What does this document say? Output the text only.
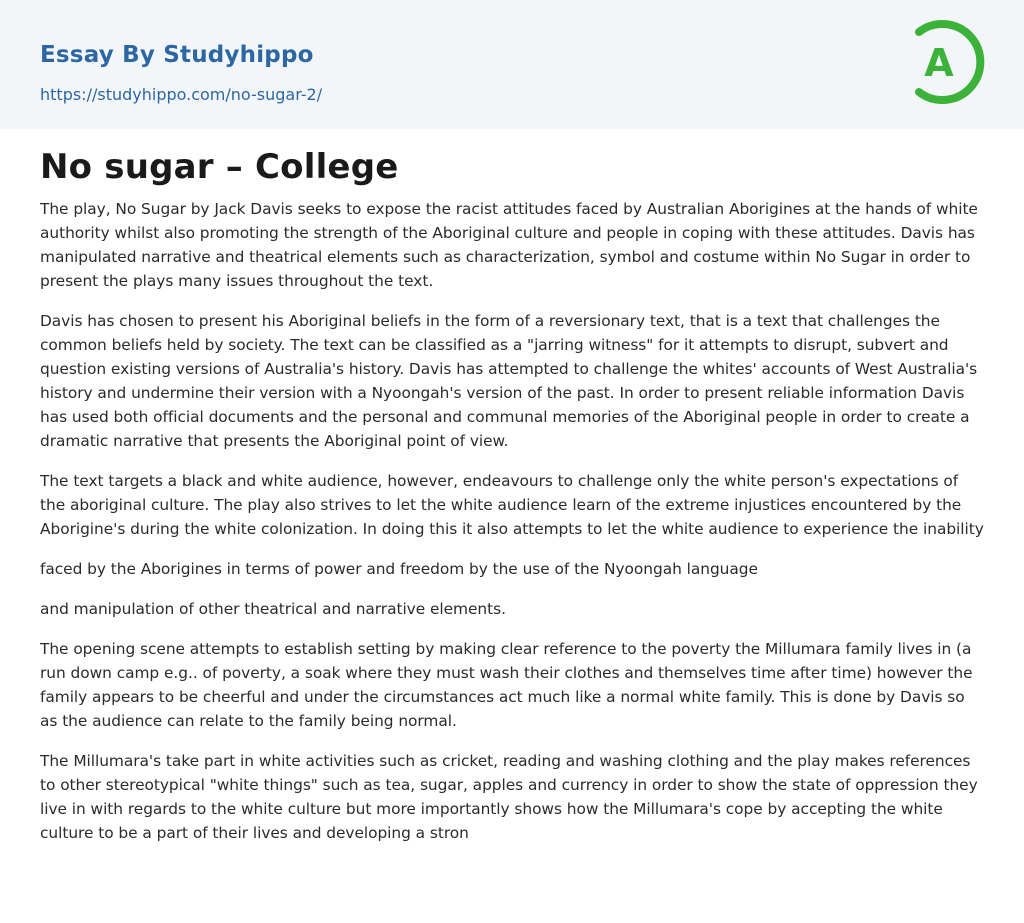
Essay By Studyhippo
https://studyhippo.com/no-sugar-2/
A
No sugar – College

The play, No Sugar by Jack Davis seeks to expose the racist attitudes faced by Australian Aborigines at the hands of white authority whilst also promoting the strength of the Aboriginal culture and people in coping with these attitudes. Davis has manipulated narrative and theatrical elements such as characterization, symbol and costume within No Sugar in order to present the plays many issues throughout the text.

Davis has chosen to present his Aboriginal beliefs in the form of a reversionary text, that is a text that challenges the common beliefs held by society. The text can be classified as a "jarring witness" for it attempts to disrupt, subvert and question existing versions of Australia's history. Davis has attempted to challenge the whites' accounts of West Australia's history and undermine their version with a Nyoongah's version of the past. In order to present reliable information Davis has used both official documents and the personal and communal memories of the Aboriginal people in order to create a dramatic narrative that presents the Aboriginal point of view.

The text targets a black and white audience, however, endeavours to challenge only the white person's expectations of the aboriginal culture. The play also strives to let the white audience learn of the extreme injustices encountered by the Aborigine's during the white colonization. In doing this it also attempts to let the white audience to experience the inability

faced by the Aborigines in terms of power and freedom by the use of the Nyoongah language

and manipulation of other theatrical and narrative elements.

The opening scene attempts to establish setting by making clear reference to the poverty the Millumara family lives in (a run down camp e.g.. of poverty, a soak where they must wash their clothes and themselves time after time) however the family appears to be cheerful and under the circumstances act much like a normal white family. This is done by Davis so as the audience can relate to the family being normal.

The Millumara's take part in white activities such as cricket, reading and washing clothing and the play makes references to other stereotypical "white things" such as tea, sugar, apples and currency in order to show the state of oppression they live in with regards to the white culture but more importantly shows how the Millumara's cope by accepting the white culture to be a part of their lives and developing a stron
